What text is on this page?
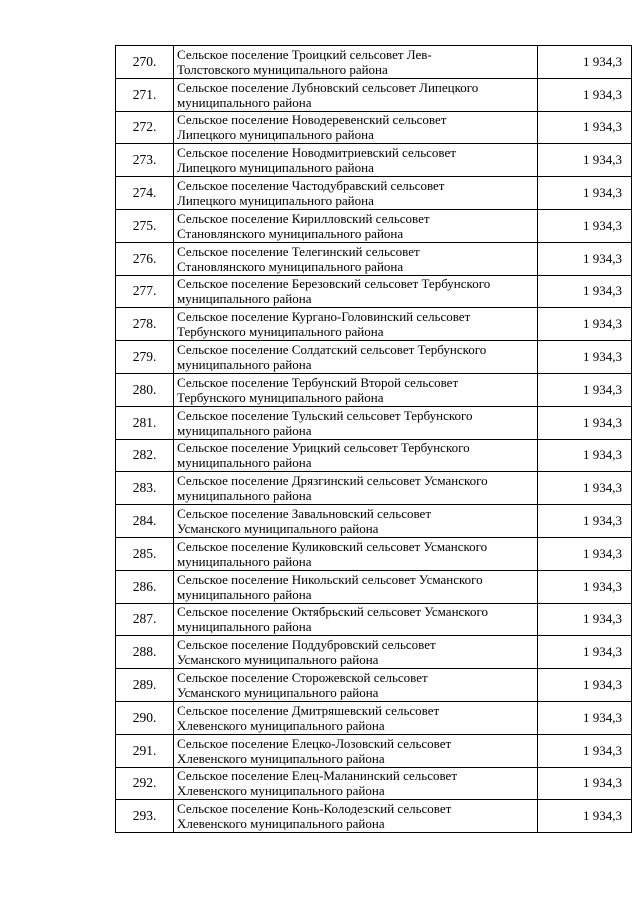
270.	Сельское поселение Троицкий сельсовет Лев-
Толстовского муниципального района	1 934,3
271.	Сельское поселение Лубновский сельсовет Липецкого
муниципального района	1 934,3
272.	Сельское поселение Новодеревенский сельсовет
Липецкого муниципального района	1 934,3
273.	Сельское поселение Новодмитриевский сельсовет
Липецкого муниципального района	1 934,3
274.	Сельское поселение Частодубравский сельсовет
Липецкого муниципального района	1 934,3
275.	Сельское поселение Кирилловский сельсовет
Становлянского муниципального района	1 934,3
276.	Сельское поселение Телегинский сельсовет
Становлянского муниципального района	1 934,3
277.	Сельское поселение Березовский сельсовет Тербунского
муниципального района	1 934,3
278.	Сельское поселение Кургано-Головинский сельсовет
Тербунского муниципального района	1 934,3
279.	Сельское поселение Солдатский сельсовет Тербунского
муниципального района	1 934,3
280.	Сельское поселение Тербунский Второй сельсовет
Тербунского муниципального района	1 934,3
281.	Сельское поселение Тульский сельсовет Тербунского
муниципального района	1 934,3
282.	Сельское поселение Урицкий сельсовет Тербунского
муниципального района	1 934,3
283.	Сельское поселение Дрязгинский сельсовет Усманского
муниципального района	1 934,3
284.	Сельское поселение Завальновский сельсовет
Усманского муниципального района	1 934,3
285.	Сельское поселение Куликовский сельсовет Усманского
муниципального района	1 934,3
286.	Сельское поселение Никольский сельсовет Усманского
муниципального района	1 934,3
287.	Сельское поселение Октябрьский сельсовет Усманского
муниципального района	1 934,3
288.	Сельское поселение Поддубровский сельсовет
Усманского муниципального района	1 934,3
289.	Сельское поселение Сторожевской сельсовет
Усманского муниципального района	1 934,3
290.	Сельское поселение Дмитряшевский сельсовет
Хлевенского муниципального района	1 934,3
291.	Сельское поселение Елецко-Лозовский сельсовет
Хлевенского муниципального района	1 934,3
292.	Сельское поселение Елец-Маланинский сельсовет
Хлевенского муниципального района	1 934,3
293.	Сельское поселение Конь-Колодезский сельсовет
Хлевенского муниципального района	1 934,3
